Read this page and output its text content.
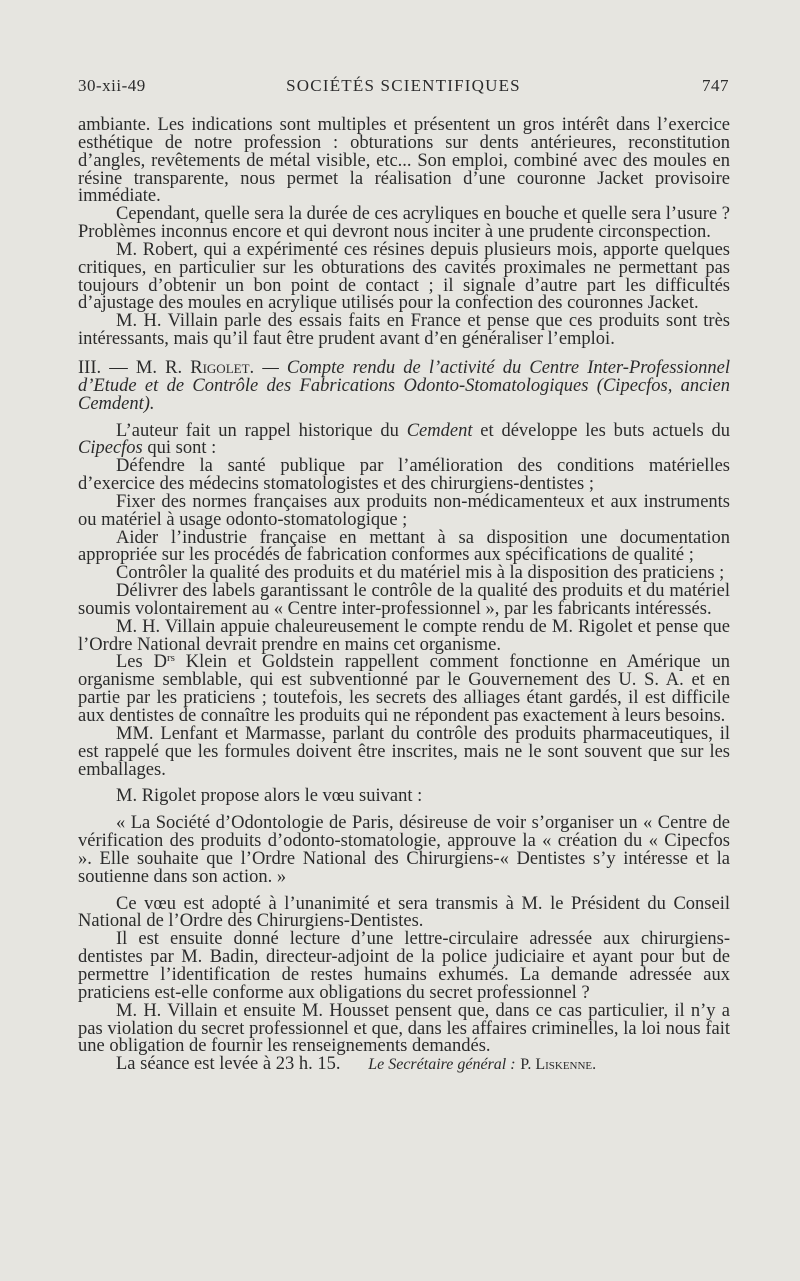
30-xii-49	SOCIÉTÉS SCIENTIFIQUES	747

ambiante. Les indications sont multiples et présentent un gros intérêt dans l’exercice esthétique de notre profession : obturations sur dents antérieures, reconstitution d’angles, revêtements de métal visible, etc... Son emploi, combiné avec des moules en résine transparente, nous permet la réalisation d’une couronne Jacket provisoire immédiate.

Cependant, quelle sera la durée de ces acryliques en bouche et quelle sera l’usure ? Problèmes inconnus encore et qui devront nous inciter à une prudente circonspection.

M. Robert, qui a expérimenté ces résines depuis plusieurs mois, apporte quelques critiques, en particulier sur les obturations des cavités proximales ne permettant pas toujours d’obtenir un bon point de contact ; il signale d’autre part les difficultés d’ajustage des moules en acrylique utilisés pour la confection des couronnes Jacket.

M. H. Villain parle des essais faits en France et pense que ces produits sont très intéressants, mais qu’il faut être prudent avant d’en généraliser l’emploi.

III. — M. R. Rigolet. — Compte rendu de l’activité du Centre Inter-Professionnel d’Etude et de Contrôle des Fabrications Odonto-Stomatologiques (Cipecfos, ancien Cemdent).

L’auteur fait un rappel historique du Cemdent et développe les buts actuels du Cipecfos qui sont :

Défendre la santé publique par l’amélioration des conditions matérielles d’exercice des médecins stomatologistes et des chirurgiens-dentistes ;

Fixer des normes françaises aux produits non-médicamenteux et aux instruments ou matériel à usage odonto-stomatologique ;

Aider l’industrie française en mettant à sa disposition une documentation appropriée sur les procédés de fabrication conformes aux spécifications de qualité ;

Contrôler la qualité des produits et du matériel mis à la disposition des praticiens ;

Délivrer des labels garantissant le contrôle de la qualité des produits et du matériel soumis volontairement au « Centre inter-professionnel », par les fabricants intéressés.

M. H. Villain appuie chaleureusement le compte rendu de M. Rigolet et pense que l’Ordre National devrait prendre en mains cet organisme.

Les $D^{rs}$ Klein et Goldstein rappellent comment fonctionne en Amérique un organisme semblable, qui est subventionné par le Gouvernement des U. S. A. et en partie par les praticiens ; toutefois, les secrets des alliages étant gardés, il est difficile aux dentistes de connaître les produits qui ne répondent pas exactement à leurs besoins.

MM. Lenfant et Marmasse, parlant du contrôle des produits pharmaceutiques, il est rappelé que les formules doivent être inscrites, mais ne le sont souvent que sur les emballages.

M. Rigolet propose alors le vœu suivant :

« La Société d’Odontologie de Paris, désireuse de voir s’organiser un « Centre de vérification des produits d’odonto-stomatologie, approuve la « création du « Cipecfos ». Elle souhaite que l’Ordre National des Chirurgiens-« Dentistes s’y intéresse et la soutienne dans son action. »

Ce vœu est adopté à l’unanimité et sera transmis à M. le Président du Conseil National de l’Ordre des Chirurgiens-Dentistes.

Il est ensuite donné lecture d’une lettre-circulaire adressée aux chirurgiens-dentistes par M. Badin, directeur-adjoint de la police judiciaire et ayant pour but de permettre l’identification de restes humains exhumés. La demande adressée aux praticiens est-elle conforme aux obligations du secret professionnel ?

M. H. Villain et ensuite M. Housset pensent que, dans ce cas particulier, il n’y a pas violation du secret professionnel et que, dans les affaires criminelles, la loi nous fait une obligation de fournir les renseignements demandés.

La séance est levée à 23 h. 15. Le Secrétaire général : P. Liskenne.
